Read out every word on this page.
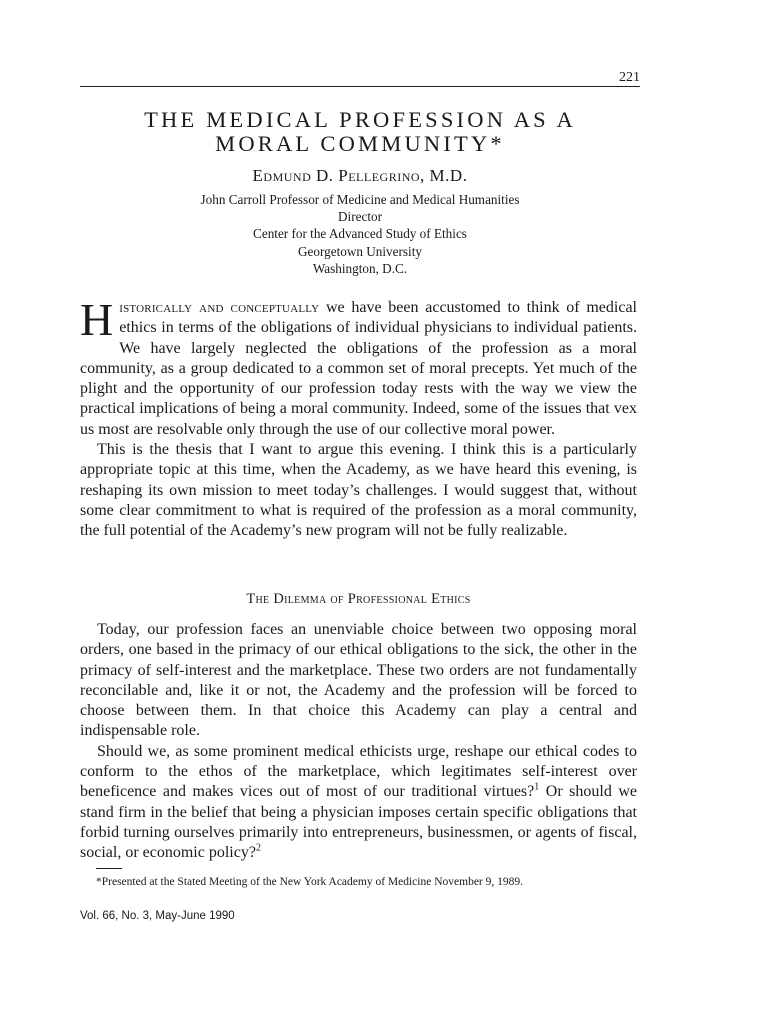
221
THE MEDICAL PROFESSION AS A
MORAL COMMUNITY*
Edmund D. Pellegrino, M.D.
John Carroll Professor of Medicine and Medical Humanities
Director
Center for the Advanced Study of Ethics
Georgetown University
Washington, D.C.

Historically and conceptually we have been accustomed to think of medical ethics in terms of the obligations of individual physicians to individual patients. We have largely neglected the obligations of the profession as a moral community, as a group dedicated to a common set of moral precepts. Yet much of the plight and the opportunity of our profession today rests with the way we view the practical implications of being a moral community. Indeed, some of the issues that vex us most are resolvable only through the use of our collective moral power.

This is the thesis that I want to argue this evening. I think this is a particularly appropriate topic at this time, when the Academy, as we have heard this evening, is reshaping its own mission to meet today’s challenges. I would suggest that, without some clear commitment to what is required of the profession as a moral community, the full potential of the Academy’s new program will not be fully realizable.

The Dilemma of Professional Ethics

Today, our profession faces an unenviable choice between two opposing moral orders, one based in the primacy of our ethical obligations to the sick, the other in the primacy of self-interest and the marketplace. These two orders are not fundamentally reconcilable and, like it or not, the Academy and the profession will be forced to choose between them. In that choice this Academy can play a central and indispensable role.

Should we, as some prominent medical ethicists urge, reshape our ethical codes to conform to the ethos of the marketplace, which legitimates self-interest over beneficence and makes vices out of most of our traditional virtues?$^1$ Or should we stand firm in the belief that being a physician imposes certain specific obligations that forbid turning ourselves primarily into entrepreneurs, businessmen, or agents of fiscal, social, or economic policy?$^2$

*Presented at the Stated Meeting of the New York Academy of Medicine November 9, 1989.
Vol. 66, No. 3, May-June 1990
